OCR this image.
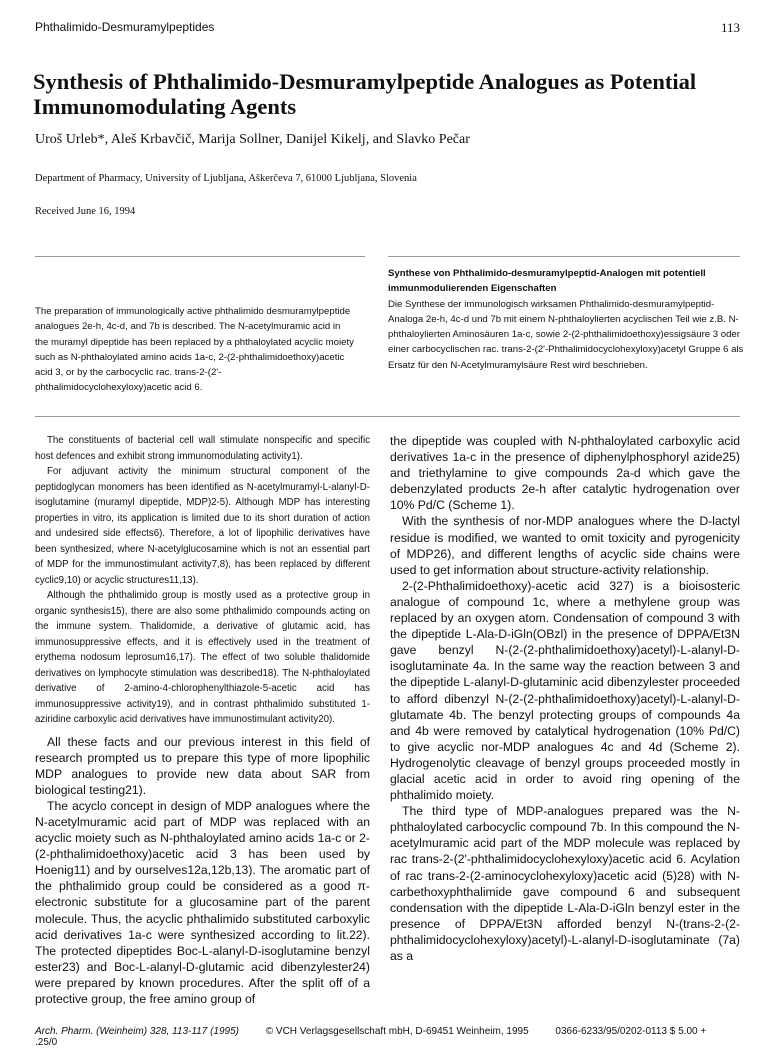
Phthalimido-Desmuramylpeptides	113
Synthesis of Phthalimido-Desmuramylpeptide Analogues as Potential Immunomodulating Agents
Uroš Urleb*, Aleš Krbavčič, Marija Sollner, Danijel Kikelj, and Slavko Pečar
Department of Pharmacy, University of Ljubljana, Aškerčeva 7, 61000 Ljubljana, Slovenia
Received June 16, 1994
The preparation of immunologically active phthalimido desmuramylpeptide analogues 2e-h, 4c-d, and 7b is described. The N-acetylmuramic acid in the muramyl dipeptide has been replaced by a phthaloylated acyclic moiety such as N-phthaloylated amino acids 1a-c, 2-(2-phthalimidoethoxy)acetic acid 3, or by the carbocyclic rac. trans-2-(2'-phthalimidocyclohexyloxy)acetic acid 6.
Synthese von Phthalimido-desmuramylpeptid-Analogen mit potentiell immunmodulierenden Eigenschaften
Die Synthese der immunologisch wirksamen Phthalimido-desmuramylpeptid-Analoga 2e-h, 4c-d und 7b mit einem N-phthaloylierten acyclischen Teil wie z.B. N-phthaloylierten Aminosäuren 1a-c, sowie 2-(2-phthalimidoethoxy)essigsäure 3 oder einer carbocyclischen rac. trans-2-(2'-Phthalimidocyclohexyloxy)acetyl Gruppe 6 als Ersatz für den N-Acetylmuramylsäure Rest wird beschrieben.

The constituents of bacterial cell wall stimulate nonspecific and specific host defences and exhibit strong immunomodulating activity1).

For adjuvant activity the minimum structural component of the peptidoglycan monomers has been identified as N-acetylmuramyl-L-alanyl-D-isoglutamine (muramyl dipeptide, MDP)2-5). Although MDP has interesting properties in vitro, its application is limited due to its short duration of action and undesired side effects6). Therefore, a lot of lipophilic derivatives have been synthesized, where N-acetylglucosamine which is not an essential part of MDP for the immunostimulant activity7,8), has been replaced by different cyclic9,10) or acyclic structures11,13).

Although the phthalimido group is mostly used as a protective group in organic synthesis15), there are also some phthalimido compounds acting on the immune system. Thalidomide, a derivative of glutamic acid, has immunosuppressive effects, and it is effectively used in the treatment of erythema nodosum leprosum16,17). The effect of two soluble thalidomide derivatives on lymphocyte stimulation was described18). The N-phthaloylated derivative of 2-amino-4-chlorophenylthiazole-5-acetic acid has immunosuppressive activity19), and in contrast phthalimido substituted 1-aziridine carboxylic acid derivatives have immunostimulant activity20).

All these facts and our previous interest in this field of research prompted us to prepare this type of more lipophilic MDP analogues to provide new data about SAR from biological testing21).

The acyclo concept in design of MDP analogues where the N-acetylmuramic acid part of MDP was replaced with an acyclic moiety such as N-phthaloylated amino acids 1a-c or 2-(2-phthalimidoethoxy)acetic acid 3 has been used by Hoenig11) and by ourselves12a,12b,13). The aromatic part of the phthalimido group could be considered as a good π-electronic substitute for a glucosamine part of the parent molecule. Thus, the acyclic phthalimido substituted carboxylic acid derivatives 1a-c were synthesized according to lit.22). The protected dipeptides Boc-L-alanyl-D-isoglutamine benzyl ester23) and Boc-L-alanyl-D-glutamic acid dibenzylester24) were prepared by known procedures. After the split off of a protective group, the free amino group of

the dipeptide was coupled with N-phthaloylated carboxylic acid derivatives 1a-c in the presence of diphenylphosphoryl azide25) and triethylamine to give compounds 2a-d which gave the debenzylated products 2e-h after catalytic hydrogenation over 10% Pd/C (Scheme 1).

With the synthesis of nor-MDP analogues where the D-lactyl residue is modified, we wanted to omit toxicity and pyrogenicity of MDP26), and different lengths of acyclic side chains were used to get information about structure-activity relationship.

2-(2-Phthalimidoethoxy)-acetic acid 327) is a bioisosteric analogue of compound 1c, where a methylene group was replaced by an oxygen atom. Condensation of compound 3 with the dipeptide L-Ala-D-iGln(OBzl) in the presence of DPPA/Et3N gave benzyl N-(2-(2-phthalimidoethoxy)acetyl)-L-alanyl-D-isoglutaminate 4a. In the same way the reaction between 3 and the dipeptide L-alanyl-D-glutaminic acid dibenzylester proceeded to afford dibenzyl N-(2-(2-phthalimidoethoxy)acetyl)-L-alanyl-D-glutamate 4b. The benzyl protecting groups of compounds 4a and 4b were removed by catalytical hydrogenation (10% Pd/C) to give acyclic nor-MDP analogues 4c and 4d (Scheme 2). Hydrogenolytic cleavage of benzyl groups proceeded mostly in glacial acetic acid in order to avoid ring opening of the phthalimido moiety.

The third type of MDP-analogues prepared was the N-phthaloylated carbocyclic compound 7b. In this compound the N-acetylmuramic acid part of the MDP molecule was replaced by rac trans-2-(2'-phthalimidocyclohexyloxy)acetic acid 6. Acylation of rac trans-2-(2-aminocyclohexyloxy)acetic acid (5)28) with N-carbethoxyphthalimide gave compound 6 and subsequent condensation with the dipeptide L-Ala-D-iGln benzyl ester in the presence of DPPA/Et3N afforded benzyl N-(trans-2-(2-phthalimidocyclohexyloxy)acetyl)-L-alanyl-D-isoglutaminate (7a) as a

Arch. Pharm. (Weinheim) 328, 113-117 (1995)	© VCH Verlagsgesellschaft mbH, D-69451 Weinheim, 1995	0366-6233/95/0202-0113 $ 5.00 + .25/0
